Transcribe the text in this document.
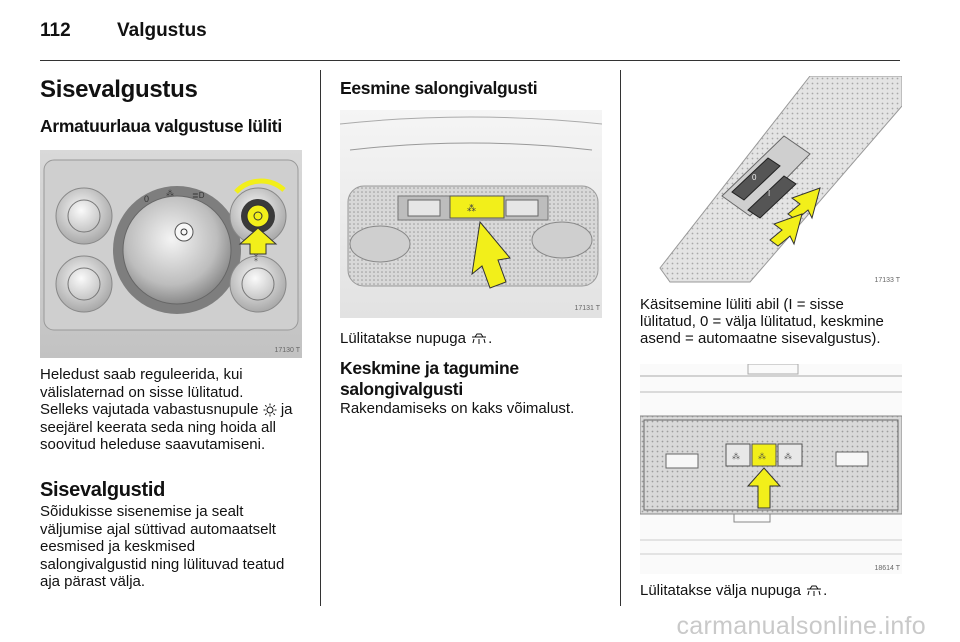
112 Valgustus
Sisevalgustus
Armatuurlaua valgustuse lüliti
0
⁂ ≣D
⁑
17130 T
Heledust saab reguleerida, kui
välislaternad on sisse lülitatud.
Selleks vajutada vabastusnupule ja
seejärel keerata seda ning hoida all
soovitud heleduse saavutamiseni.
Sisevalgustid
Sõidukisse sisenemise ja sealt
väljumise ajal süttivad automaatselt
eesmised ja keskmised
salongivalgustid ning lülituvad teatud
aja pärast välja.
Eesmine salongivalgusti
⁂
17131 T
Lülitatakse nupuga .
Keskmine ja tagumine
salongivalgusti
Rakendamiseks on kaks võimalust.
0
I
17133 T
Käsitsemine lüliti abil (I = sisse
lülitatud, 0 = välja lülitatud, keskmine
asend = automaatne sisevalgustus).
⁂ ⁂ ⁂
18614 T
Lülitatakse välja nupuga .
carmanualsonline.info
